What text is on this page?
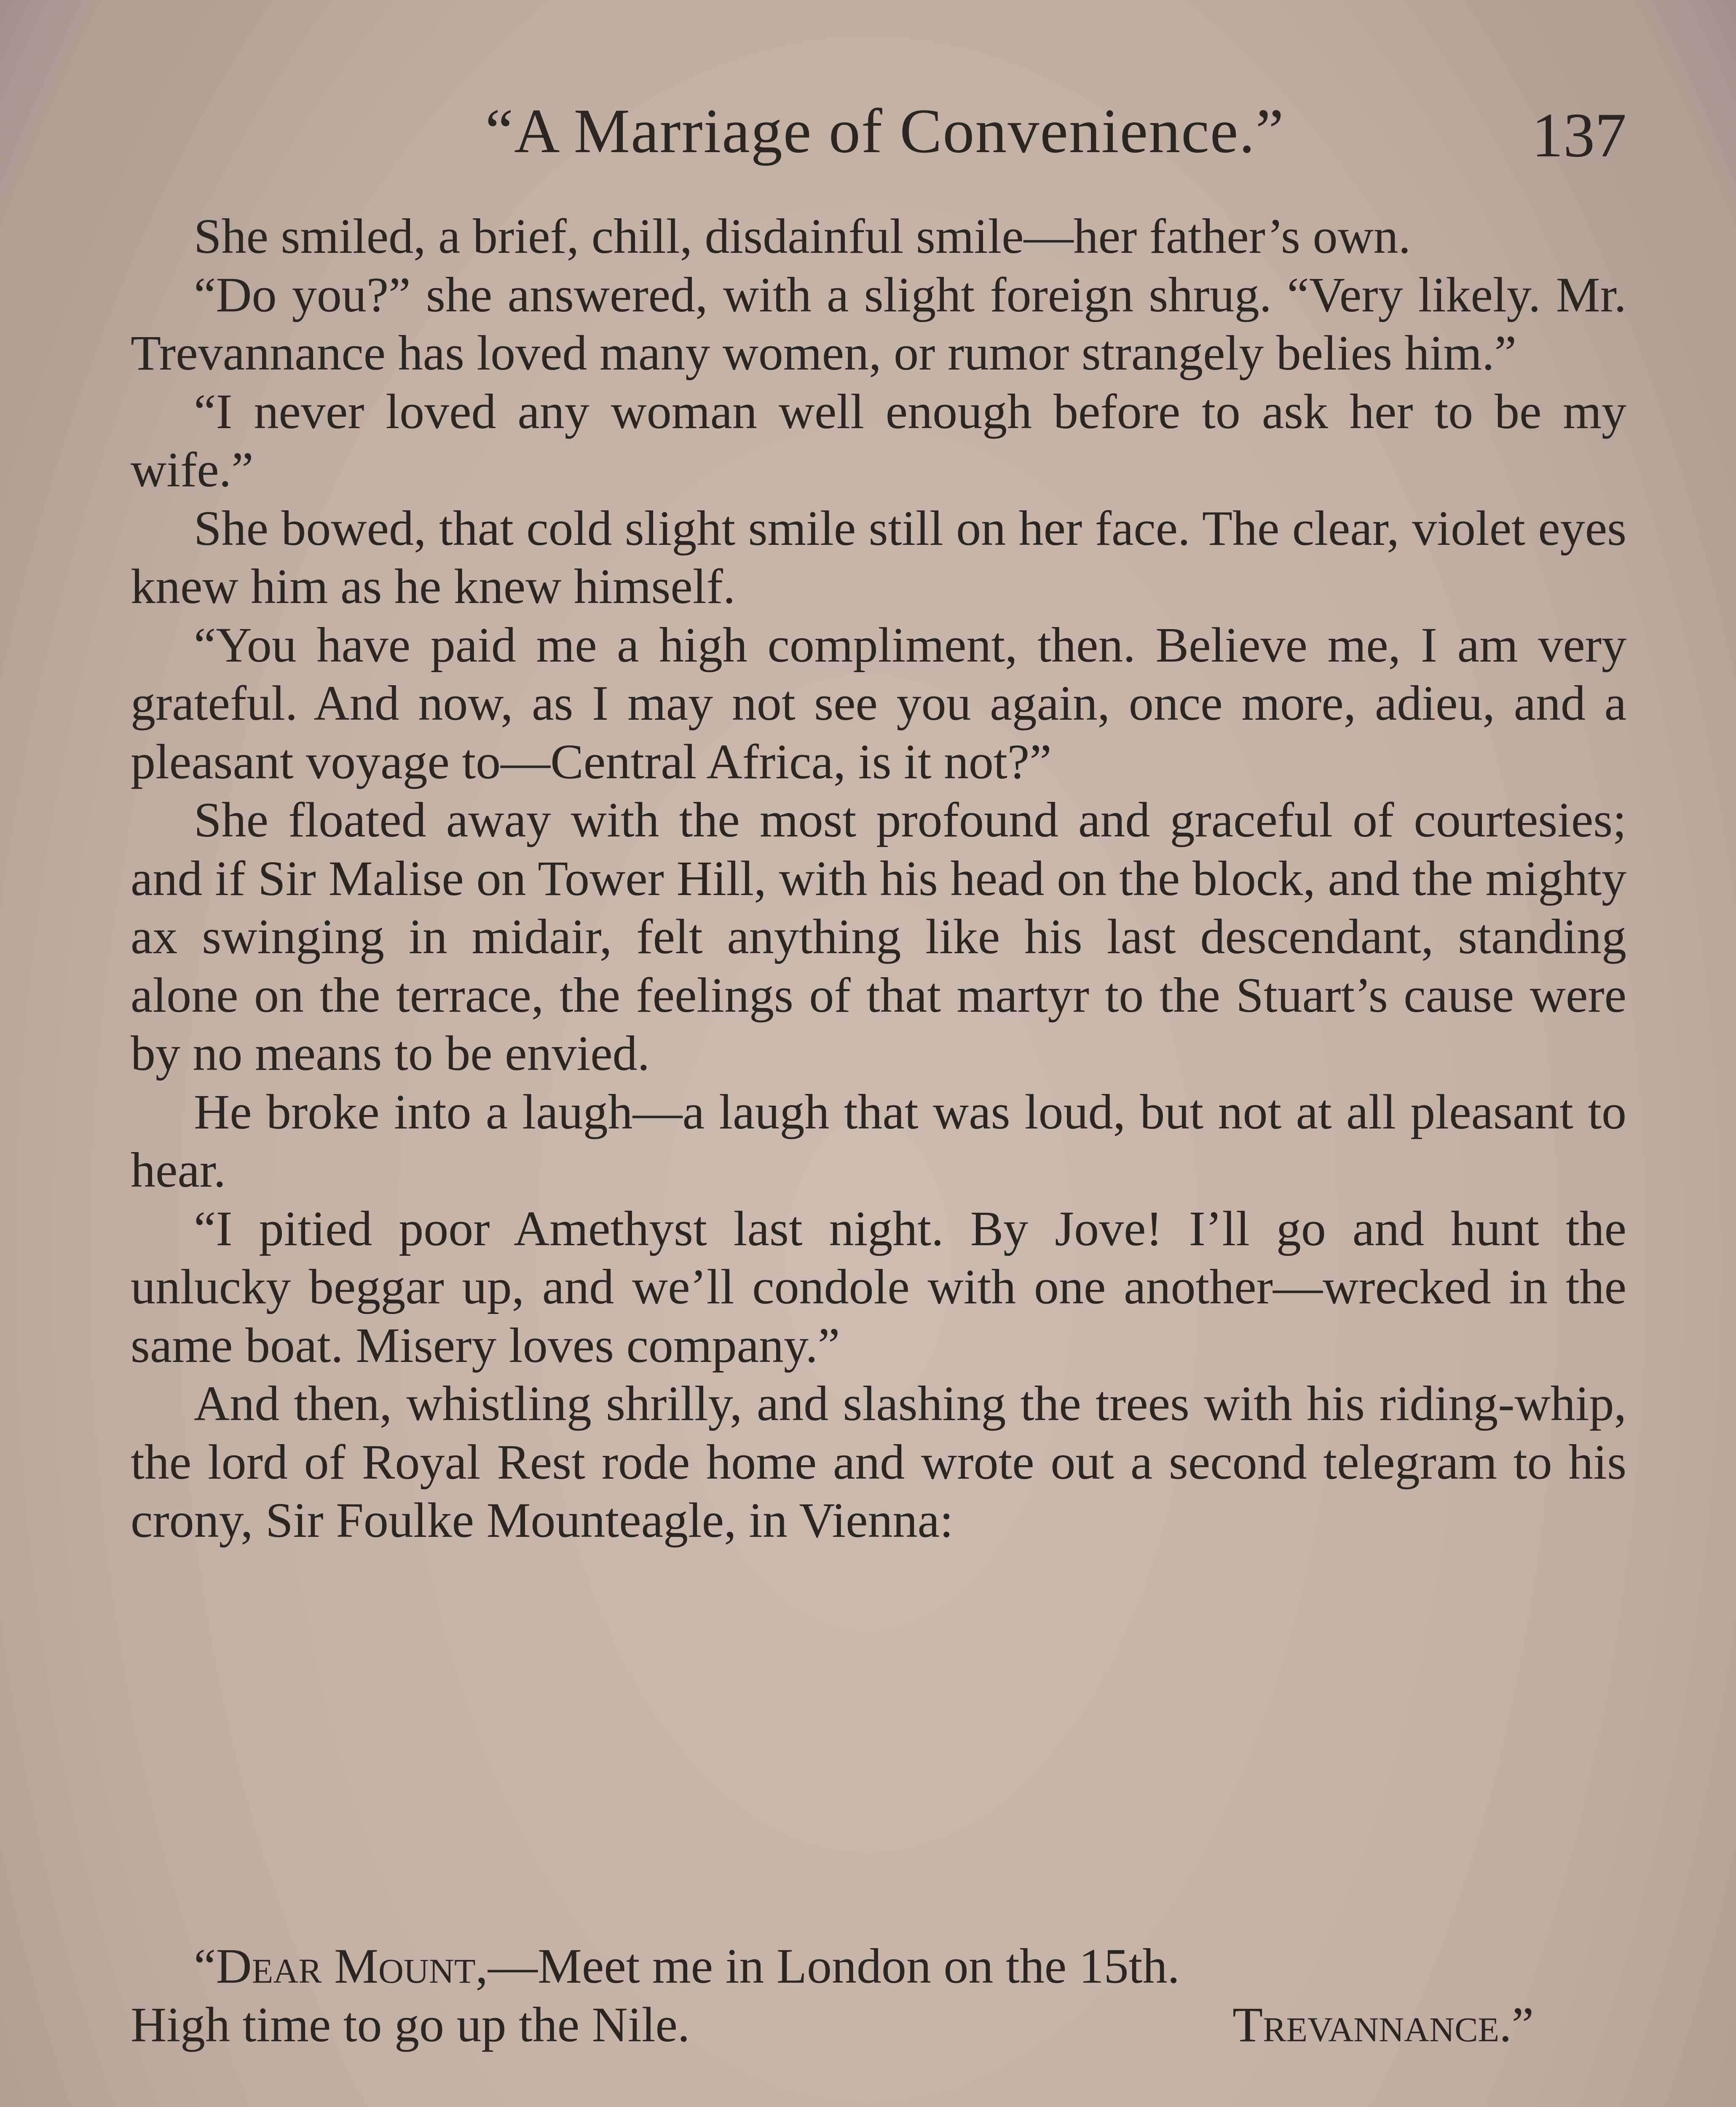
“A Marriage of Convenience.”	137

She smiled, a brief, chill, disdainful smile—her father’s own.

“Do you?” she answered, with a slight foreign shrug. “Very likely. Mr. Trevannance has loved many women, or rumor strangely belies him.”

“I never loved any woman well enough before to ask her to be my wife.”

She bowed, that cold slight smile still on her face. The clear, violet eyes knew him as he knew himself.

“You have paid me a high compliment, then. Believe me, I am very grateful. And now, as I may not see you again, once more, adieu, and a pleasant voyage to—Central Africa, is it not?”

She floated away with the most profound and graceful of courtesies; and if Sir Malise on Tower Hill, with his head on the block, and the mighty ax swinging in midair, felt anything like his last descendant, standing alone on the terrace, the feelings of that martyr to the Stuart’s cause were by no means to be envied.

He broke into a laugh—a laugh that was loud, but not at all pleasant to hear.

“I pitied poor Amethyst last night. By Jove! I’ll go and hunt the unlucky beggar up, and we’ll condole with one another—wrecked in the same boat. Misery loves company.”

And then, whistling shrilly, and slashing the trees with his riding-whip, the lord of Royal Rest rode home and wrote out a second telegram to his crony, Sir Foulke Mounteagle, in Vienna:

“Dear Mount,—Meet me in London on the 15th.
High time to go up the Nile.	Trevannance.”
